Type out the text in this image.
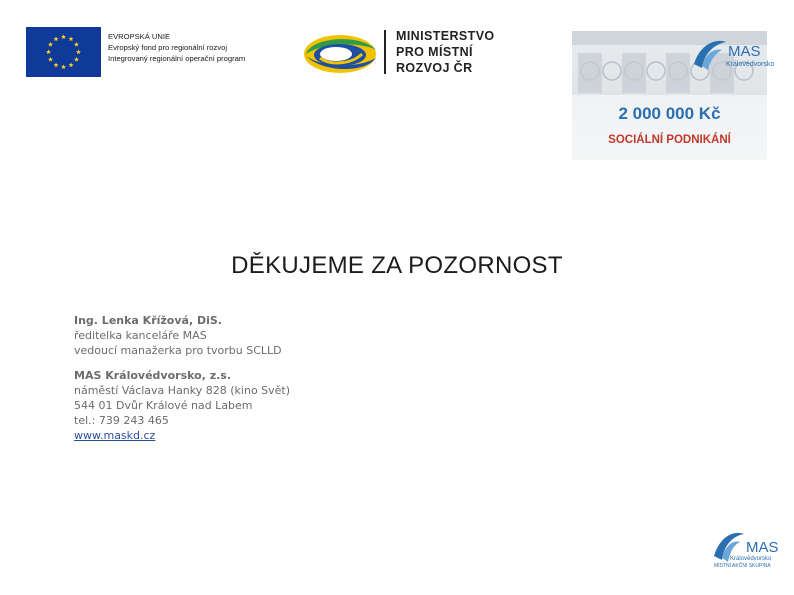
EVROPSKÁ UNIE
Evropský fond pro regionální rozvoj
Integrovaný regionální operační program
MINISTERSTVO
PRO MÍSTNÍ
ROZVOJ ČR
MAS
Královédvorsko
2 000 000 Kč
SOCIÁLNÍ PODNIKÁNÍ
DĚKUJEME ZA POZORNOST
Ing. Lenka Křížová, DiS.
ředitelka kanceláře MAS
vedoucí manažerka pro tvorbu SCLLD
MAS Královédvorsko, z.s.
náměstí Václava Hanky 828 (kino Svět)
544 01 Dvůr Králové nad Labem
tel.: 739 243 465
www.maskd.cz
MAS
Královédvorsko
MÍSTNÍ AKČNÍ SKUPINA
